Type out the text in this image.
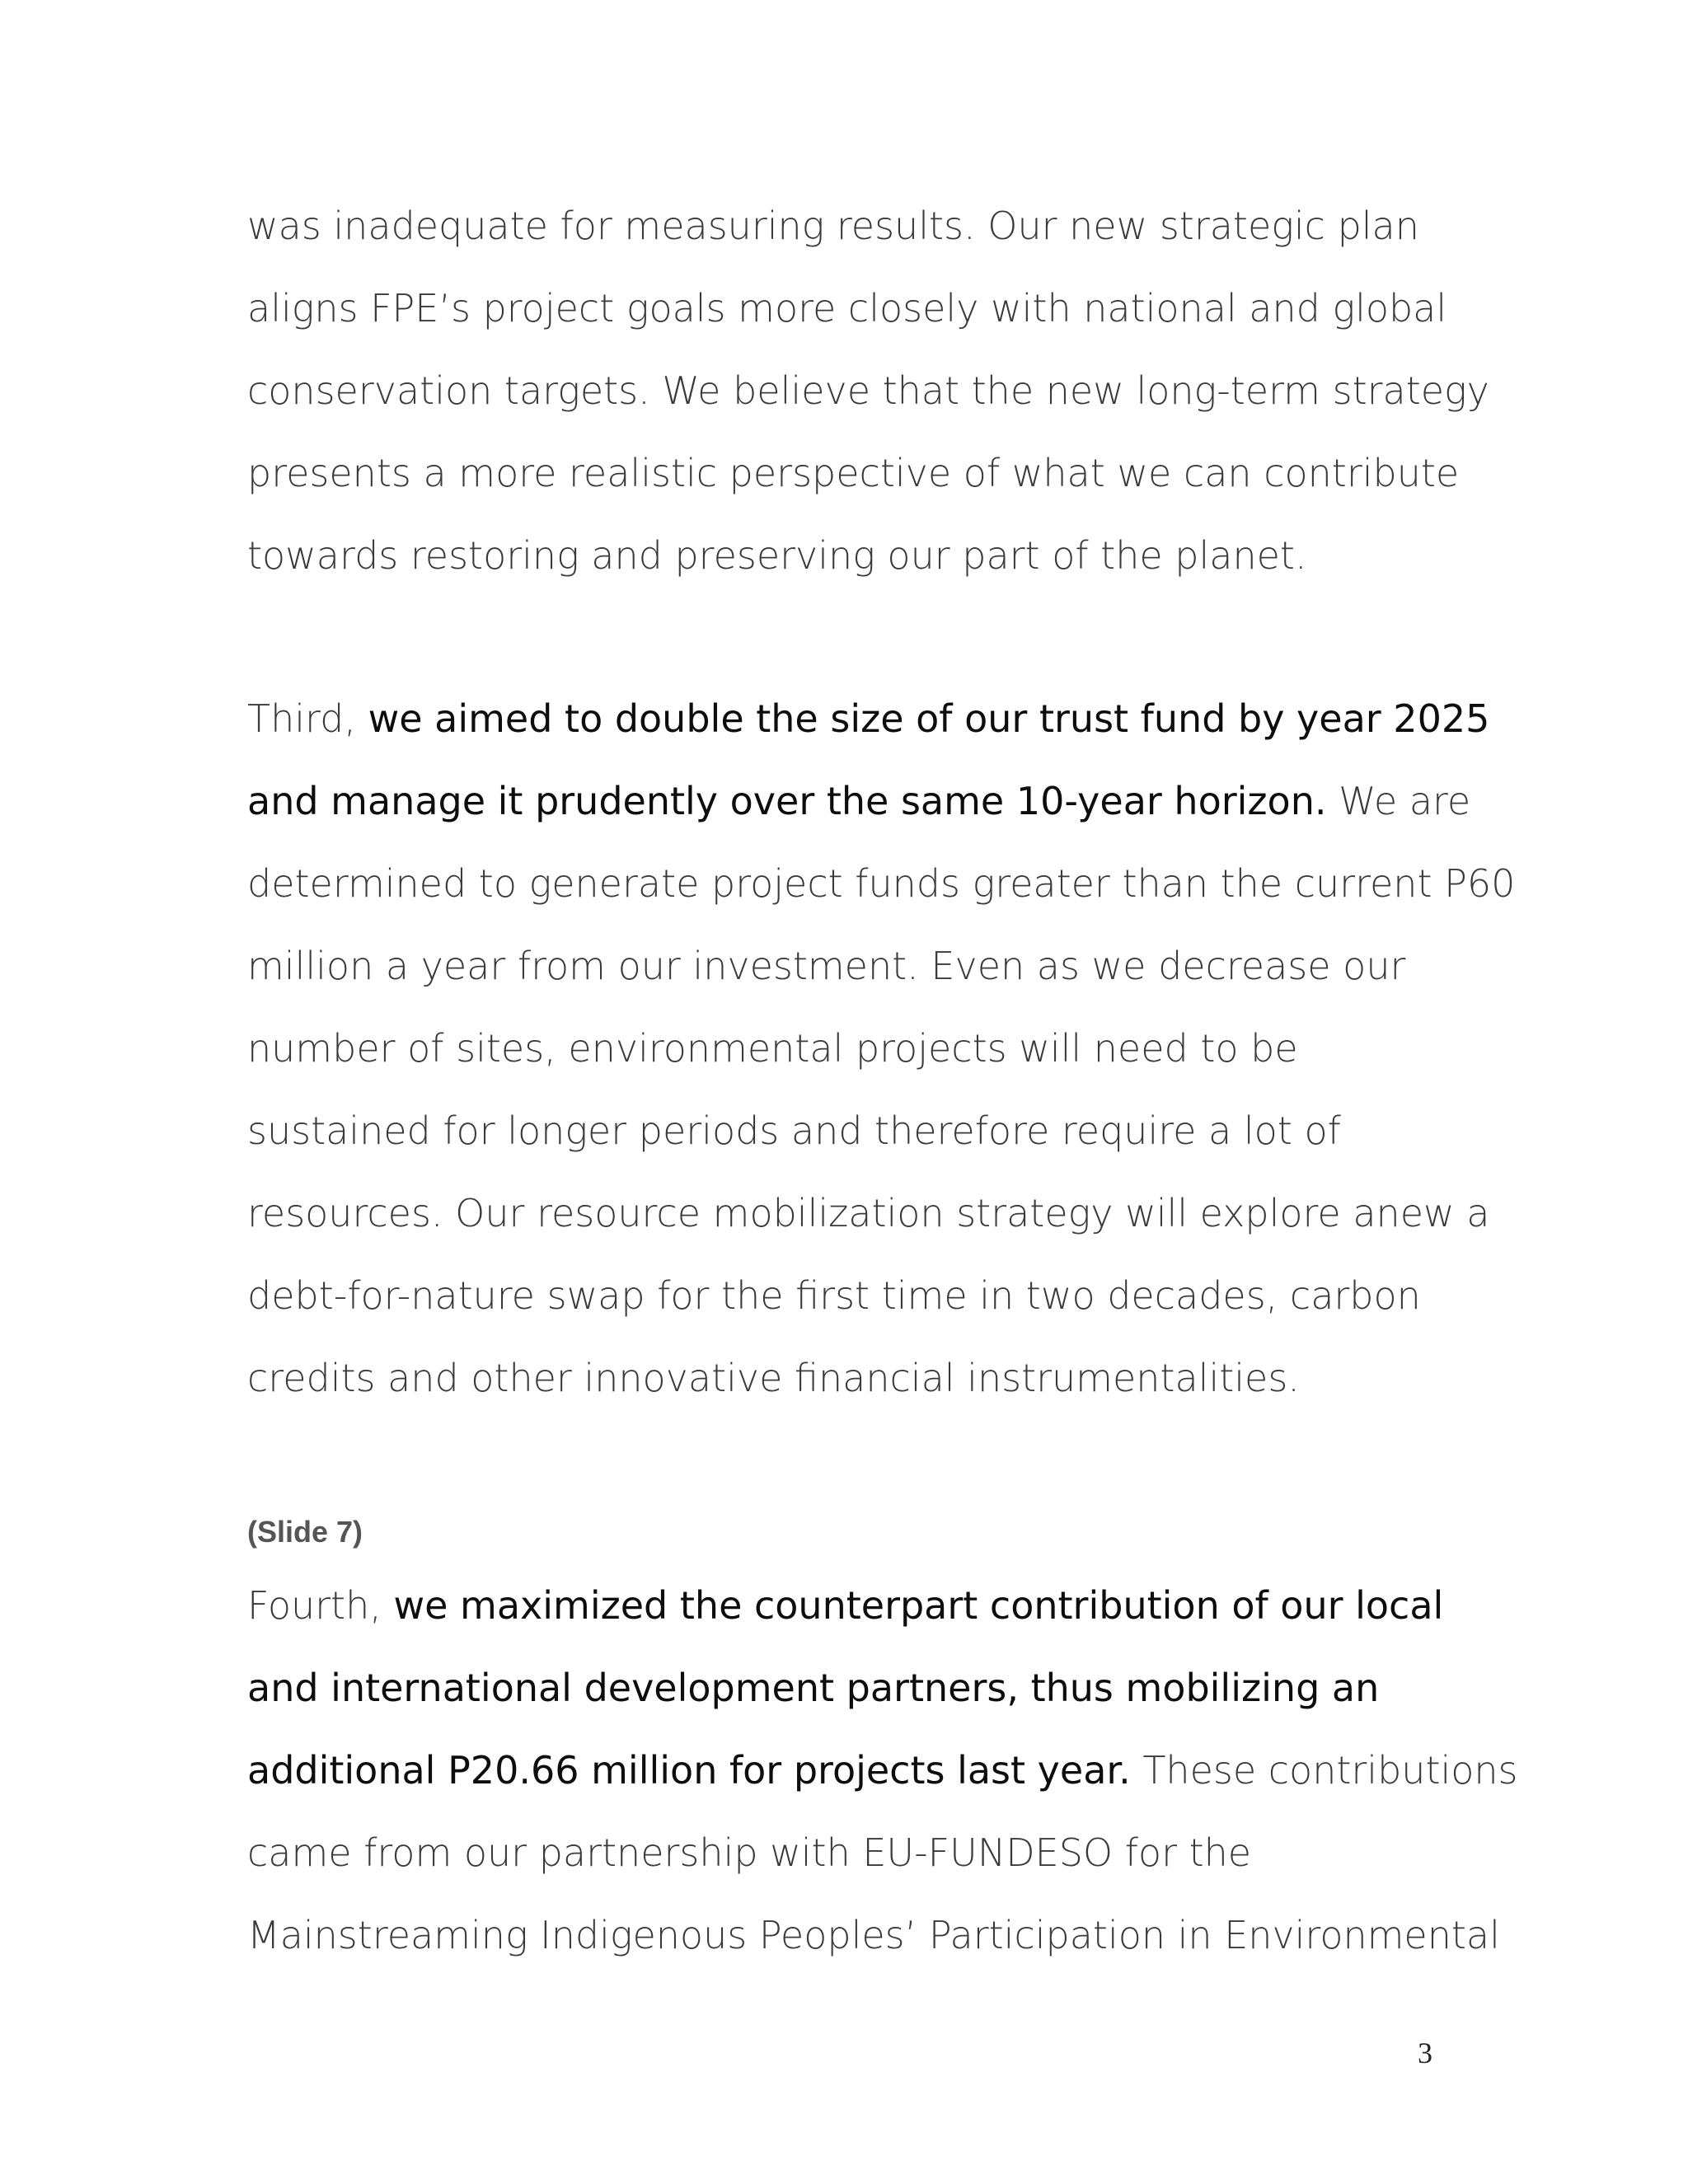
was inadequate for measuring results. Our new strategic plan
aligns FPE’s project goals more closely with national and global
conservation targets. We believe that the new long-term strategy
presents a more realistic perspective of what we can contribute
towards restoring and preserving our part of the planet.
Third, we aimed to double the size of our trust fund by year 2025
and manage it prudently over the same 10-year horizon. We are
determined to generate project funds greater than the current P60
million a year from our investment. Even as we decrease our
number of sites, environmental projects will need to be
sustained for longer periods and therefore require a lot of
resources. Our resource mobilization strategy will explore anew a
debt-for-nature swap for the first time in two decades, carbon
credits and other innovative financial instrumentalities.
(Slide 7)
Fourth, we maximized the counterpart contribution of our local
and international development partners, thus mobilizing an
additional P20.66 million for projects last year. These contributions
came from our partnership with EU-FUNDESO for the
Mainstreaming Indigenous Peoples’ Participation in Environmental
3
